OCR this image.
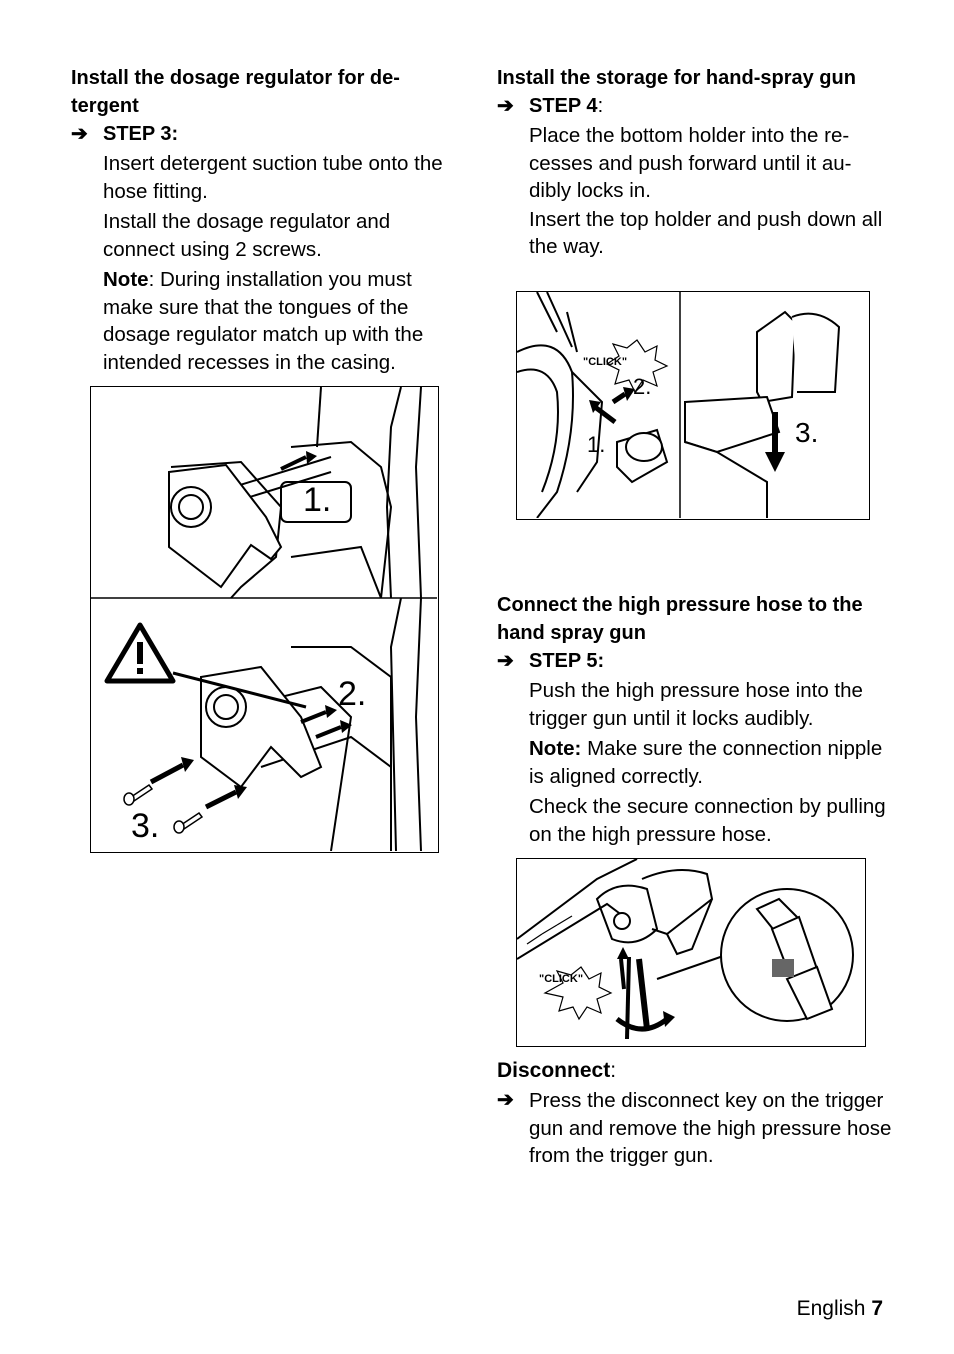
Install the dosage regulator for de-tergent

➔ STEP 3:

Insert detergent suction tube onto the hose fitting.

Install the dosage regulator and connect using 2 screws.

Note: During installation you must make sure that the tongues of the dosage regulator match up with the intended recesses in the casing.

1.
2.
3.

Install the storage for hand-spray gun

➔ STEP 4:

Place the bottom holder into the re-cesses and push forward until it au-dibly locks in.

Insert the top holder and push down all the way.

"CLICK"
1.
2.
3.

Connect the high pressure hose to the hand spray gun

➔ STEP 5:

Push the high pressure hose into the trigger gun until it locks audibly.

Note: Make sure the connection nipple is aligned correctly.

Check the secure connection by pulling on the high pressure hose.

"CLICK"

Disconnect:

➔ Press the disconnect key on the trigger gun and remove the high pressure hose from the trigger gun.

English 7
